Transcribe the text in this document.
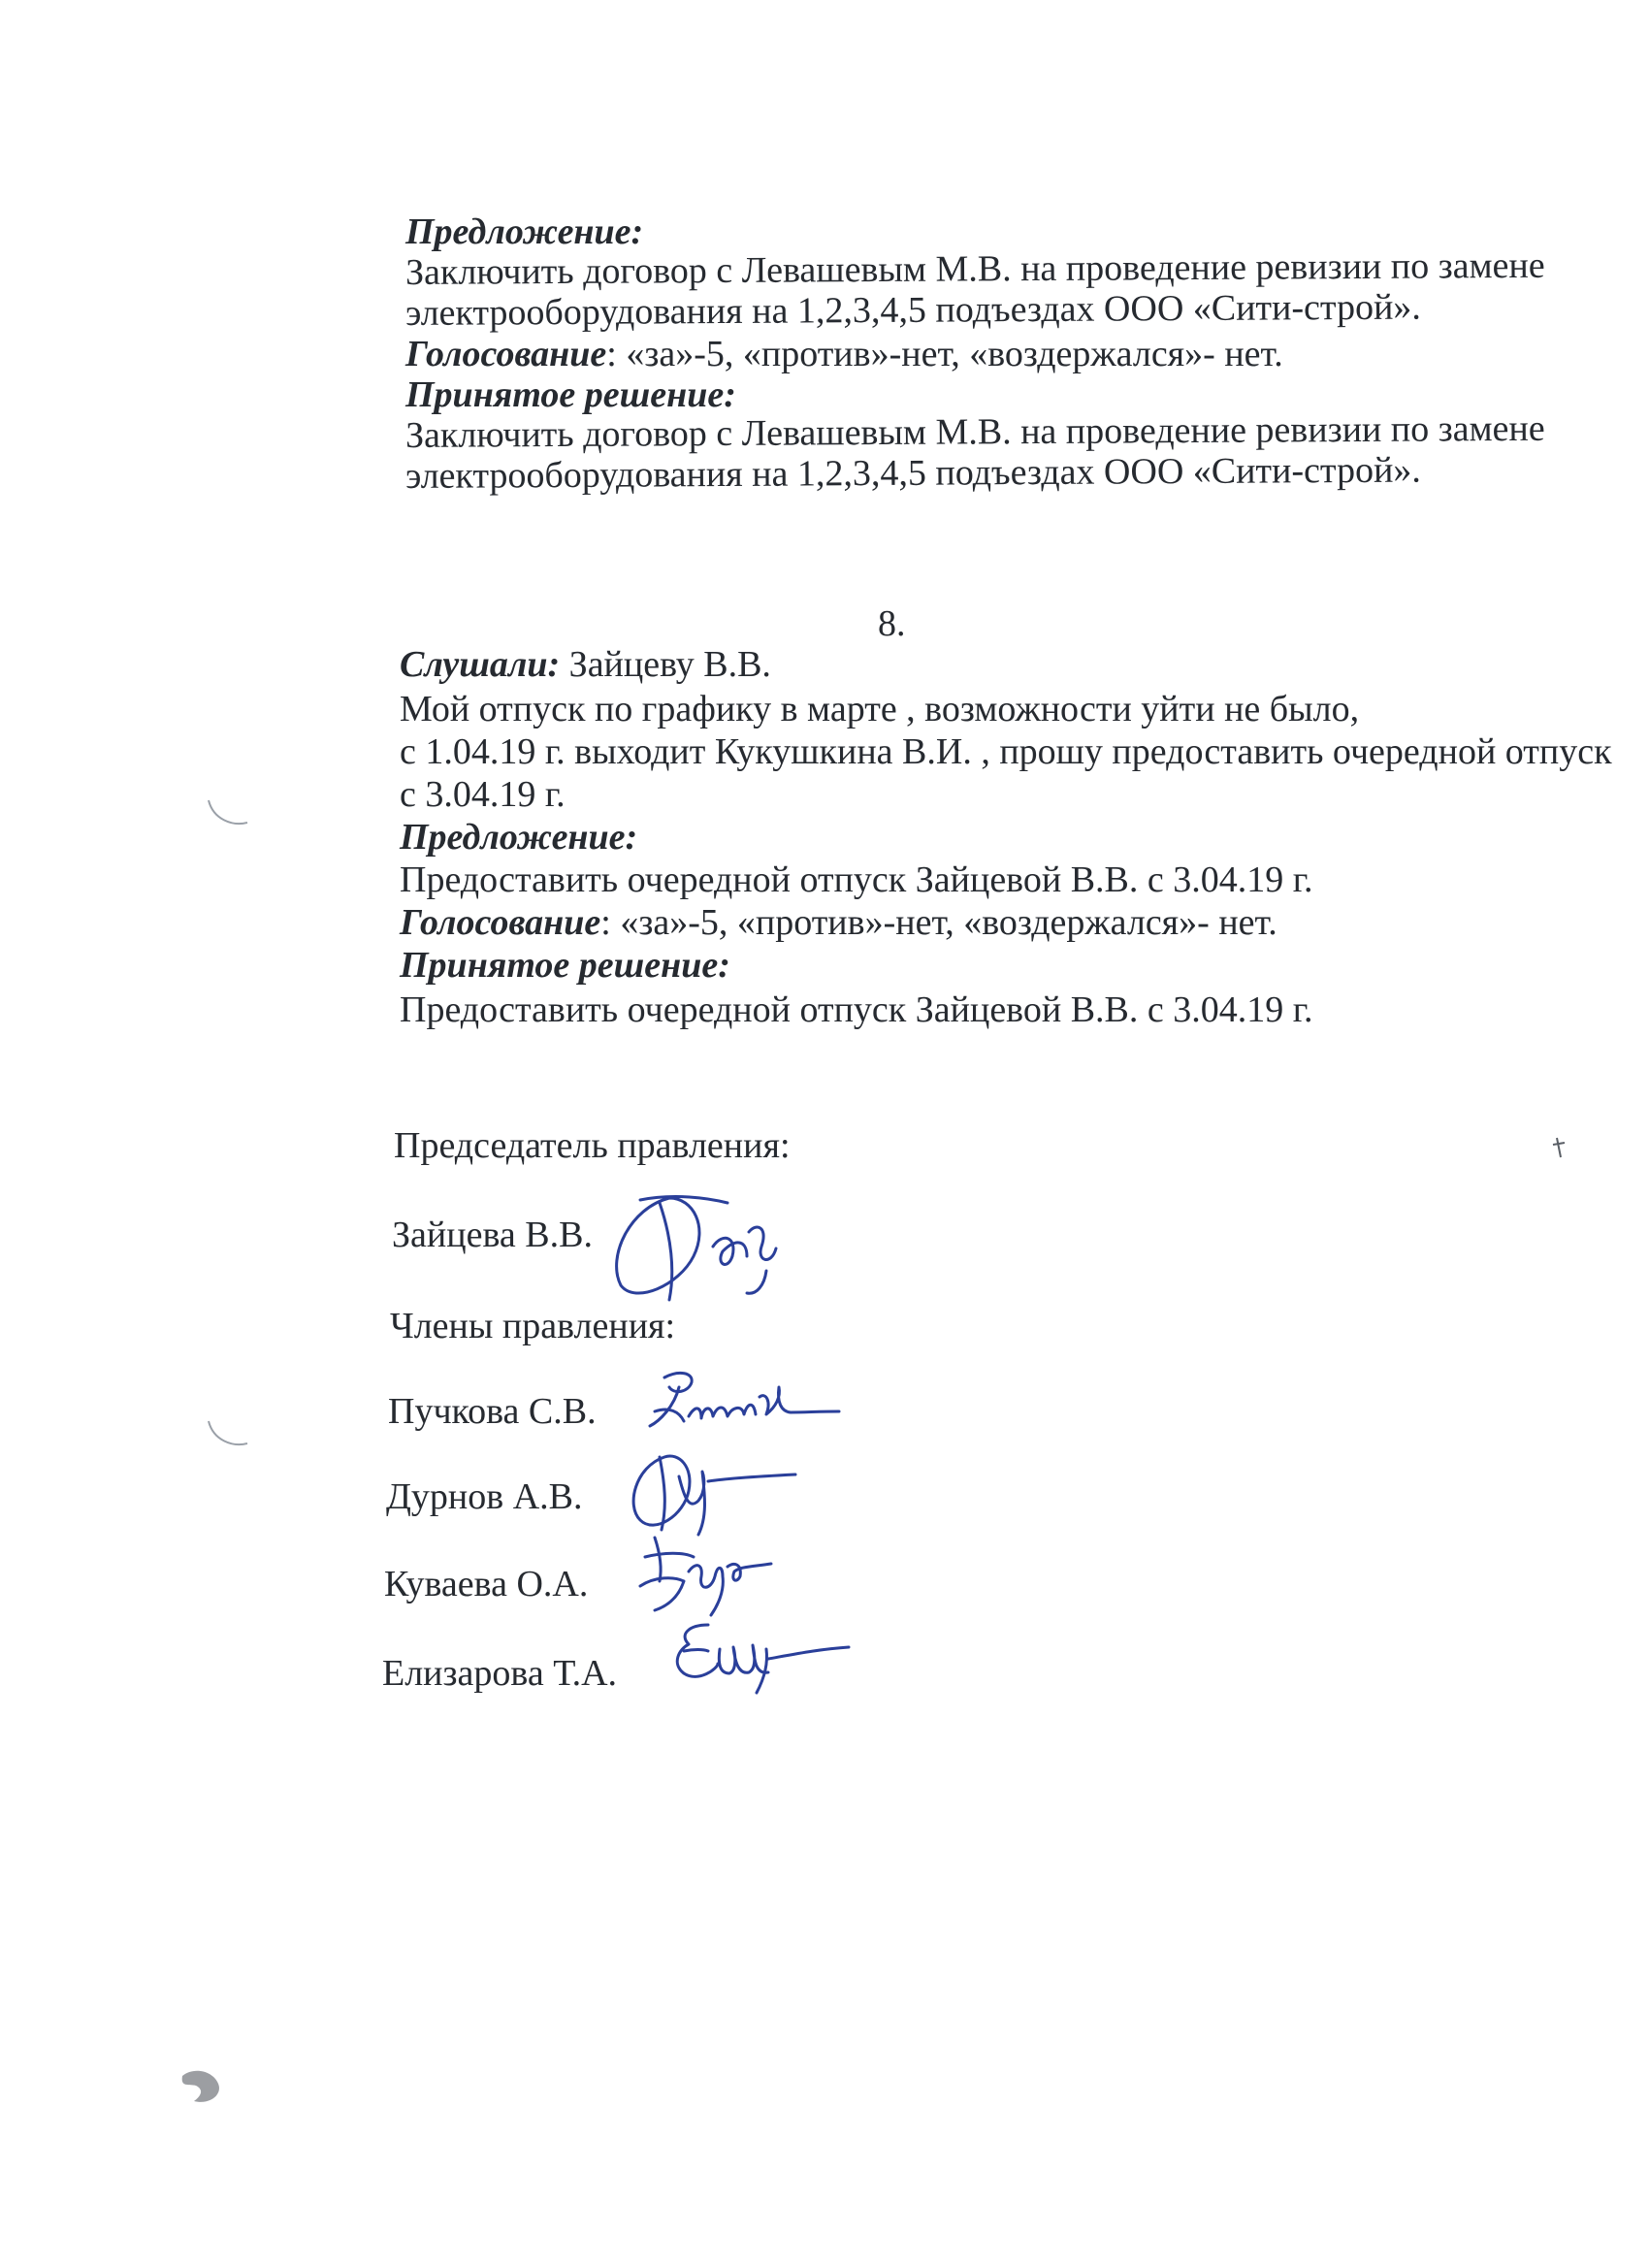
Предложение:
Заключить договор с Левашевым М.В. на проведение ревизии по замене
электрооборудования на 1,2,3,4,5 подъездах ООО «Сити-строй».
Голосование: «за»-5, «против»-нет, «воздержался»- нет.
Принятое решение:
Заключить договор с Левашевым М.В. на проведение ревизии по замене
электрооборудования на 1,2,3,4,5 подъездах ООО «Сити-строй».
8.
Слушали: Зайцеву В.В.
Мой отпуск по графику в марте , возможности уйти не было,
с 1.04.19 г. выходит Кукушкина В.И. , прошу предоставить очередной отпуск
с 3.04.19 г.
Предложение:
Предоставить очередной отпуск Зайцевой В.В. с 3.04.19 г.
Голосование: «за»-5, «против»-нет, «воздержался»- нет.
Принятое решение:
Предоставить очередной отпуск Зайцевой В.В. с 3.04.19 г.
Председатель правления:
Зайцева В.В.
Члены правления:
Пучкова С.В.
Дурнов А.В.
Куваева О.А.
Елизарова Т.А.
